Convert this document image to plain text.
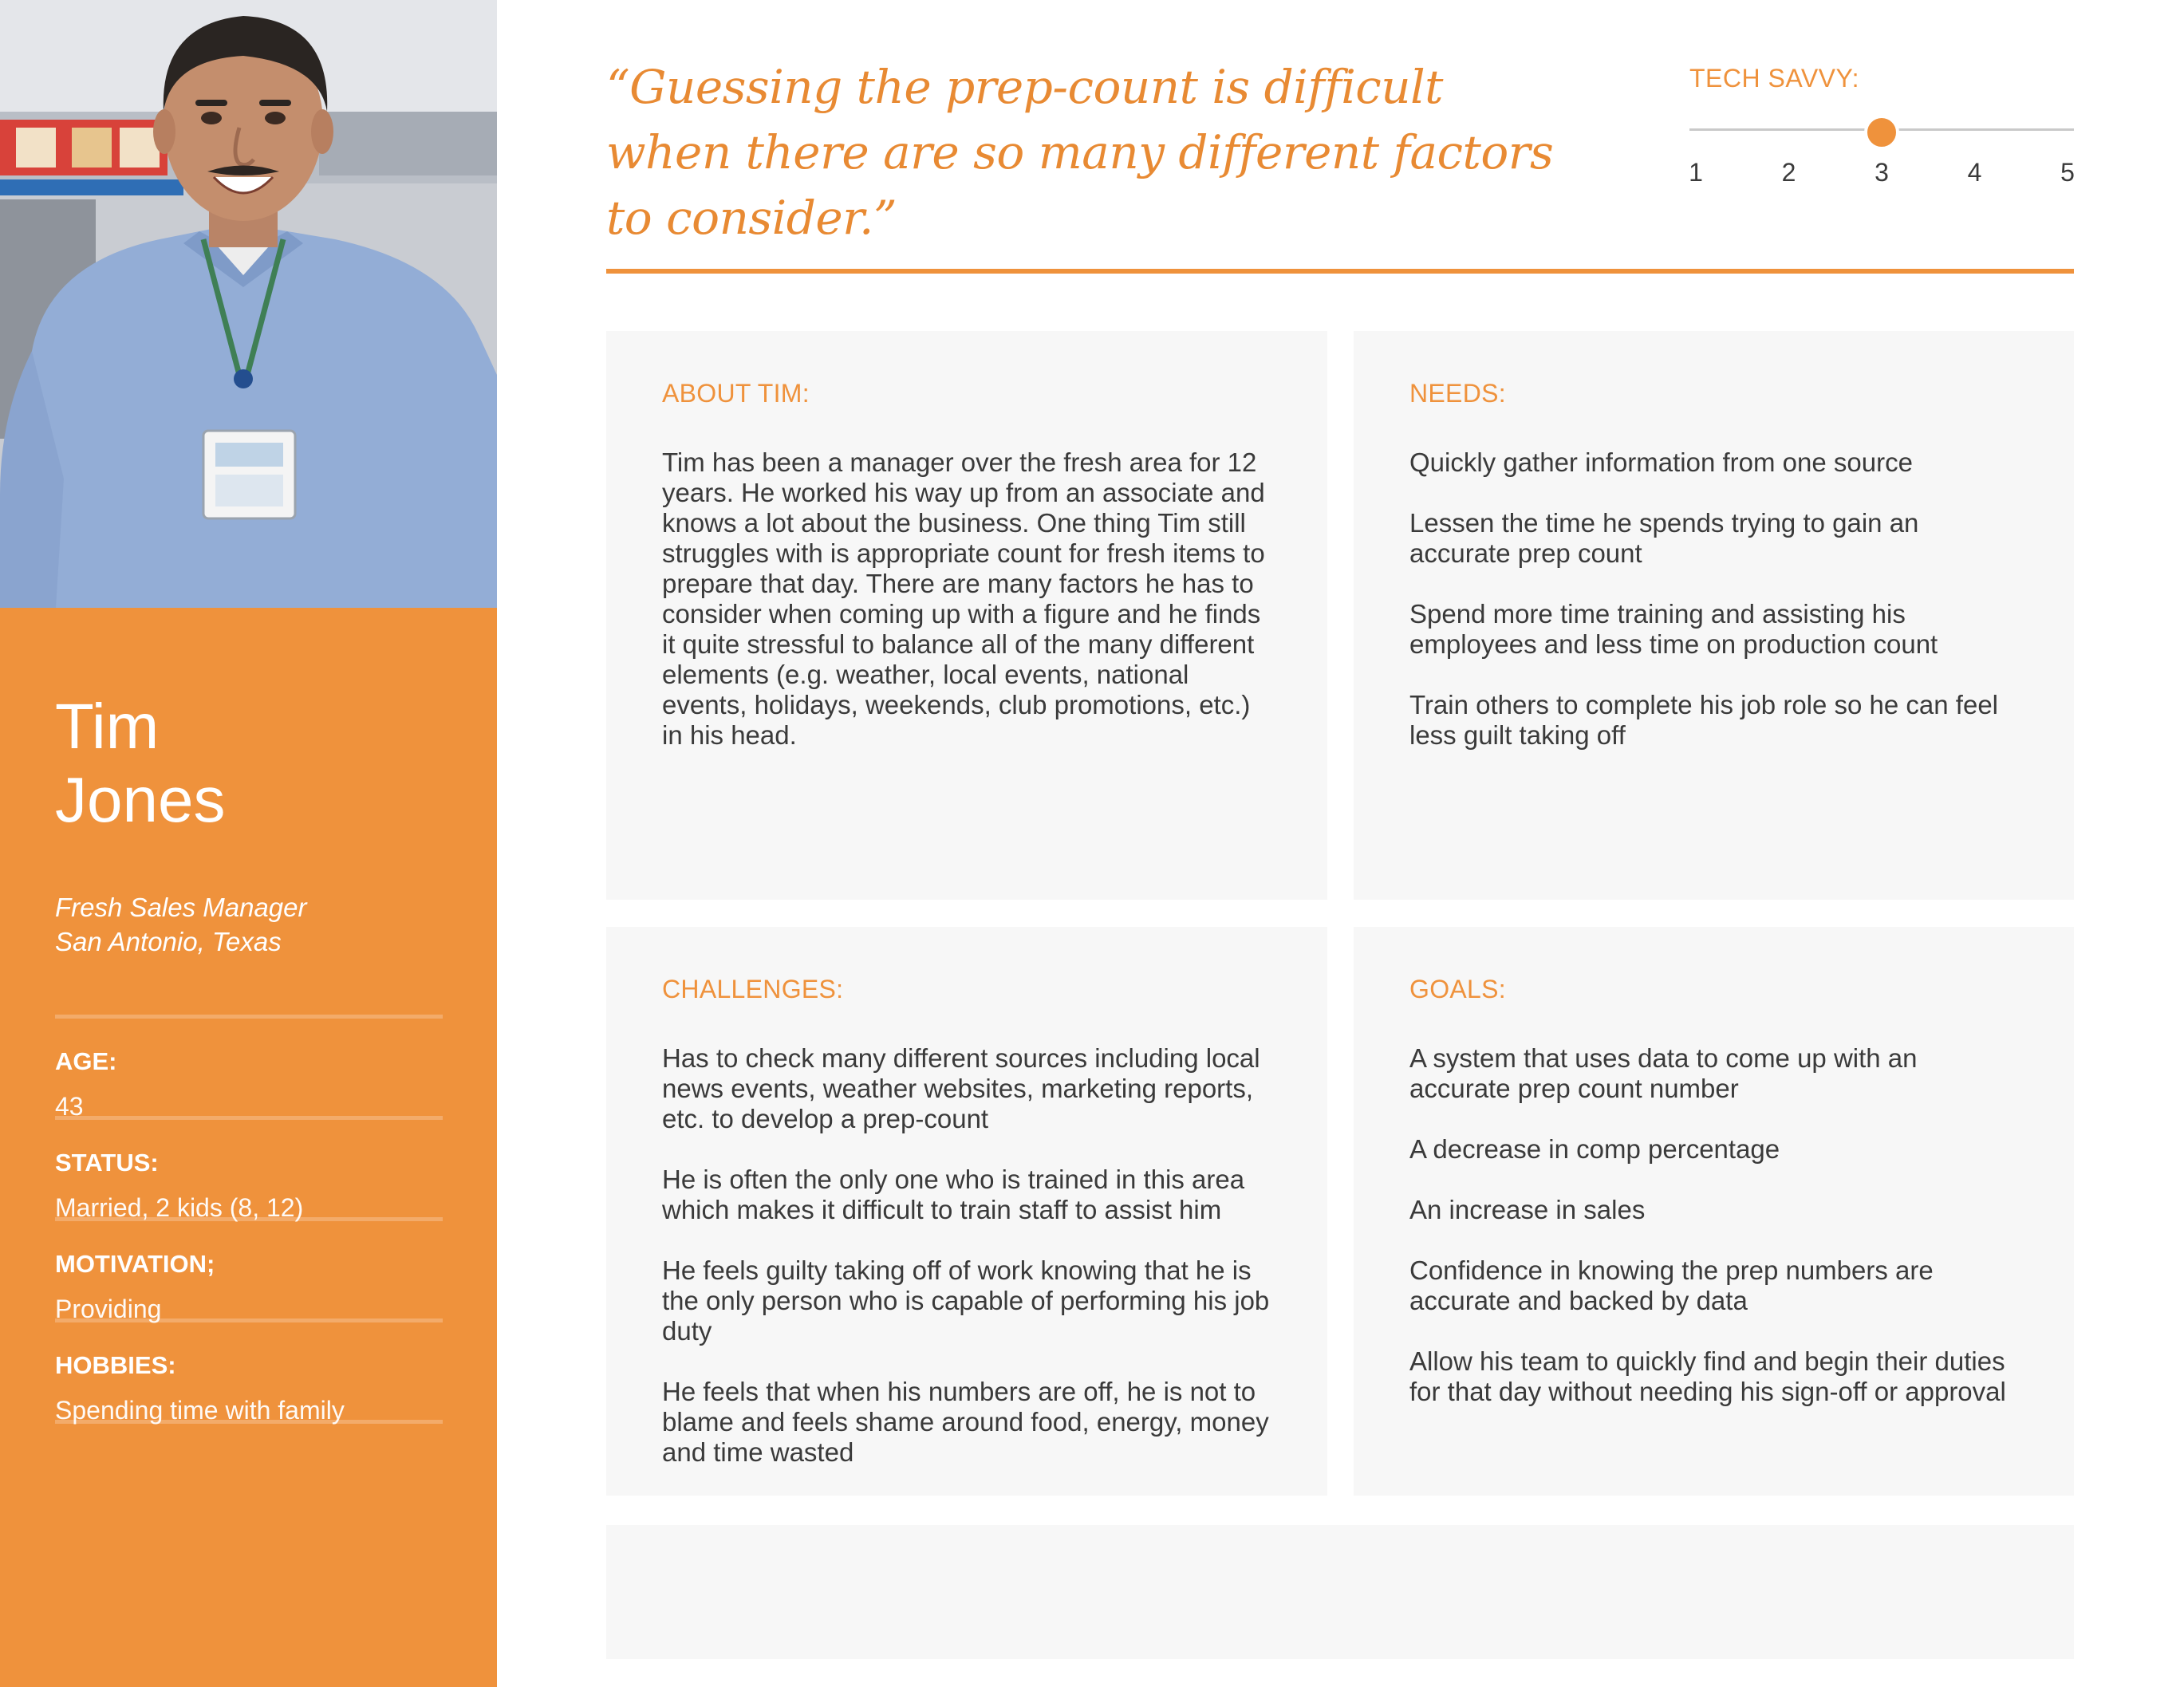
Tim
Jones
Fresh Sales Manager
San Antonio, Texas
AGE:
43
STATUS:
Married, 2 kids (8, 12)
MOTIVATION;
Providing
HOBBIES:
Spending time with family
“Guessing the prep-count is difficult when there are so many different factors to consider.”
TECH SAVVY:
1	2	3	4	5
ABOUT TIM:
Tim has been a manager over the fresh area for 12 years. He worked his way up from an associate and knows a lot about the business. One thing Tim still struggles with is appropriate count for fresh items to prepare that day. There are many factors he has to consider when coming up with a figure and he finds it quite stressful to balance all of the many different elements (e.g. weather, local events, national events, holidays, weekends, club promotions, etc.) in his head.
NEEDS:
Quickly gather information from one source
Lessen the time he spends trying to gain an accurate prep count
Spend more time training and assisting his employees and less time on production count
Train others to complete his job role so he can feel less guilt taking off
CHALLENGES:
Has to check many different sources including local news events, weather websites, marketing reports, etc. to develop a prep-count
He is often the only one who is trained in this area which makes it difficult to train staff to assist him
He feels guilty taking off of work knowing that he is the only person who is capable of performing his job duty
He feels that when his numbers are off, he is not to blame and feels shame around food, energy, money and time wasted
GOALS:
A system that uses data to come up with an accurate prep count number
A decrease in comp percentage
An increase in sales
Confidence in knowing the prep numbers are accurate and backed by data
Allow his team to quickly find and begin their duties for that day without needing his sign-off or approval
